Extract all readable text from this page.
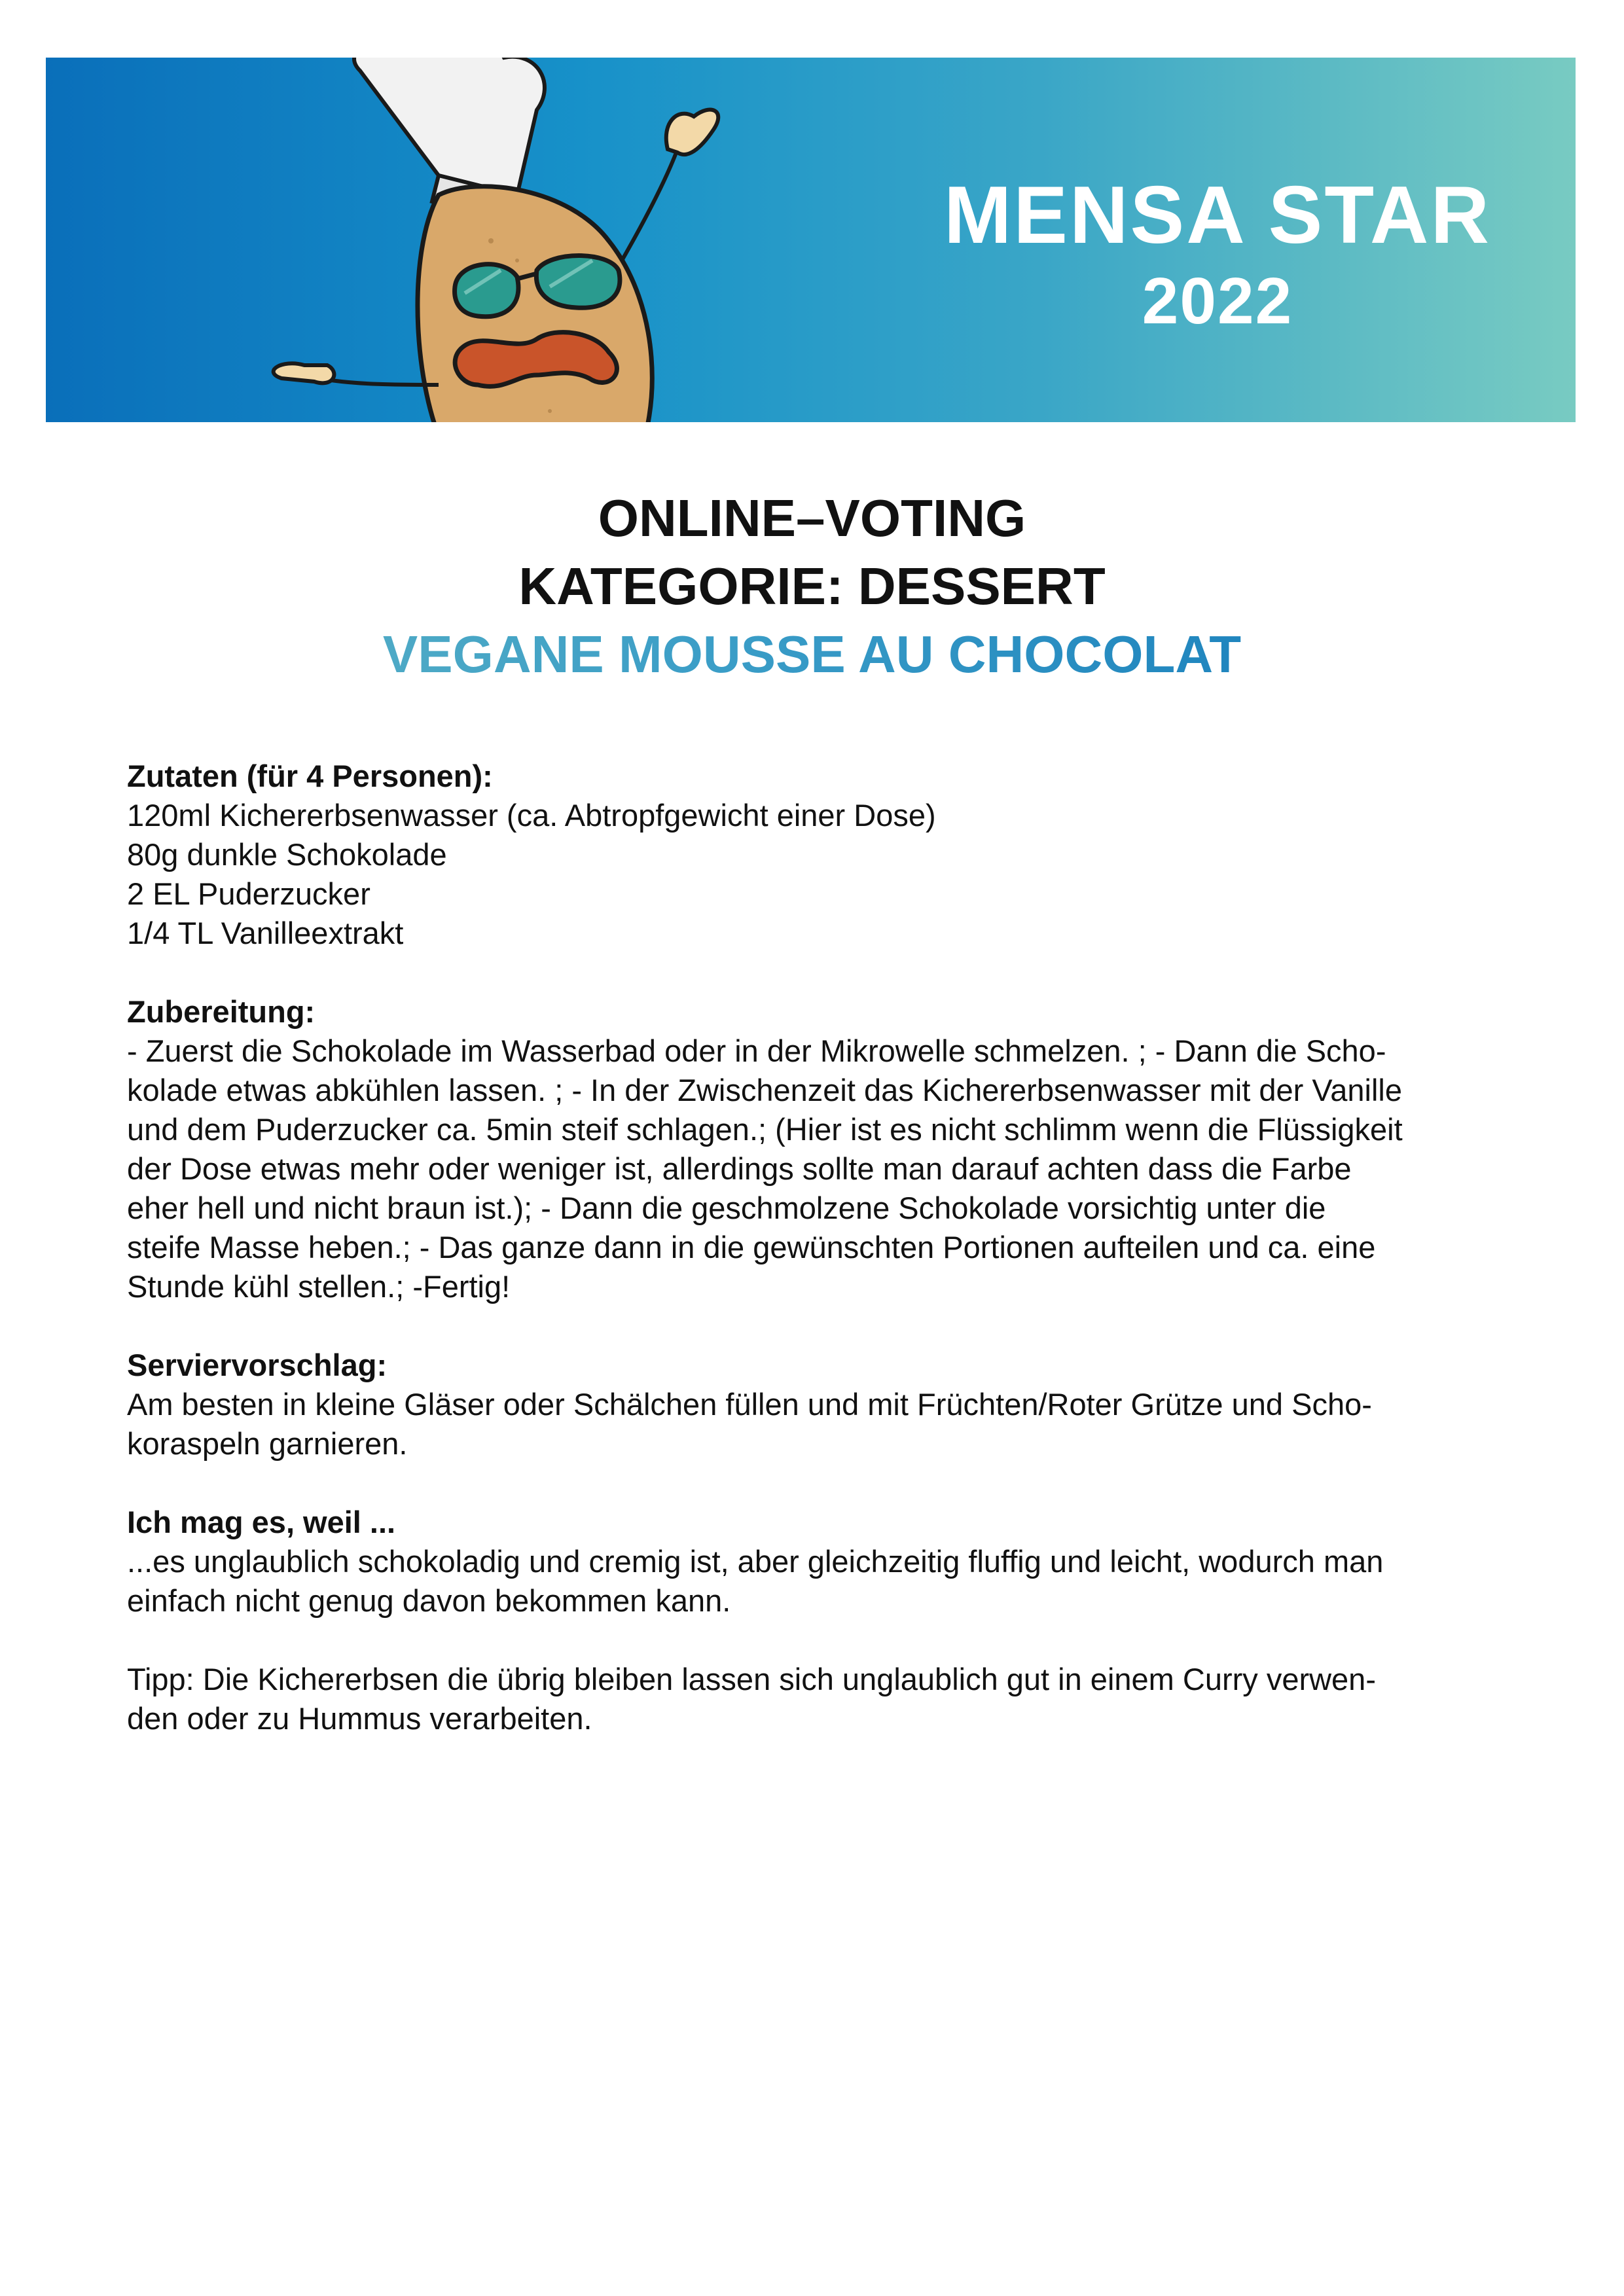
MENSA STAR
2022
ONLINE–VOTING
KATEGORIE: DESSERT
VEGANE MOUSSE AU CHOCOLAT

Zutaten (für 4 Personen):

120ml Kichererbsenwasser (ca. Abtropfgewicht einer Dose)
80g dunkle Schokolade
2 EL Puderzucker
1/4 TL Vanilleextrakt

Zubereitung:

- Zuerst die Schokolade im Wasserbad oder in der Mikrowelle schmelzen. ; - Dann die Scho-
kolade etwas abkühlen lassen. ; - In der Zwischenzeit das Kichererbsenwasser mit der Vanille
und dem Puderzucker ca. 5min steif schlagen.; (Hier ist es nicht schlimm wenn die Flüssigkeit
der Dose etwas mehr oder weniger ist, allerdings sollte man darauf achten dass die Farbe
eher hell und nicht braun ist.); - Dann die geschmolzene Schokolade vorsichtig unter die
steife Masse heben.; - Das ganze dann in die gewünschten Portionen aufteilen und ca. eine
Stunde kühl stellen.; -Fertig!

Serviervorschlag:

Am besten in kleine Gläser oder Schälchen füllen und mit Früchten/Roter Grütze und Scho-
koraspeln garnieren.

Ich mag es, weil ...

...es unglaublich schokoladig und cremig ist, aber gleichzeitig fluffig und leicht, wodurch man
einfach nicht genug davon bekommen kann.
Tipp: Die Kichererbsen die übrig bleiben lassen sich unglaublich gut in einem Curry verwen-
den oder zu Hummus verarbeiten.
